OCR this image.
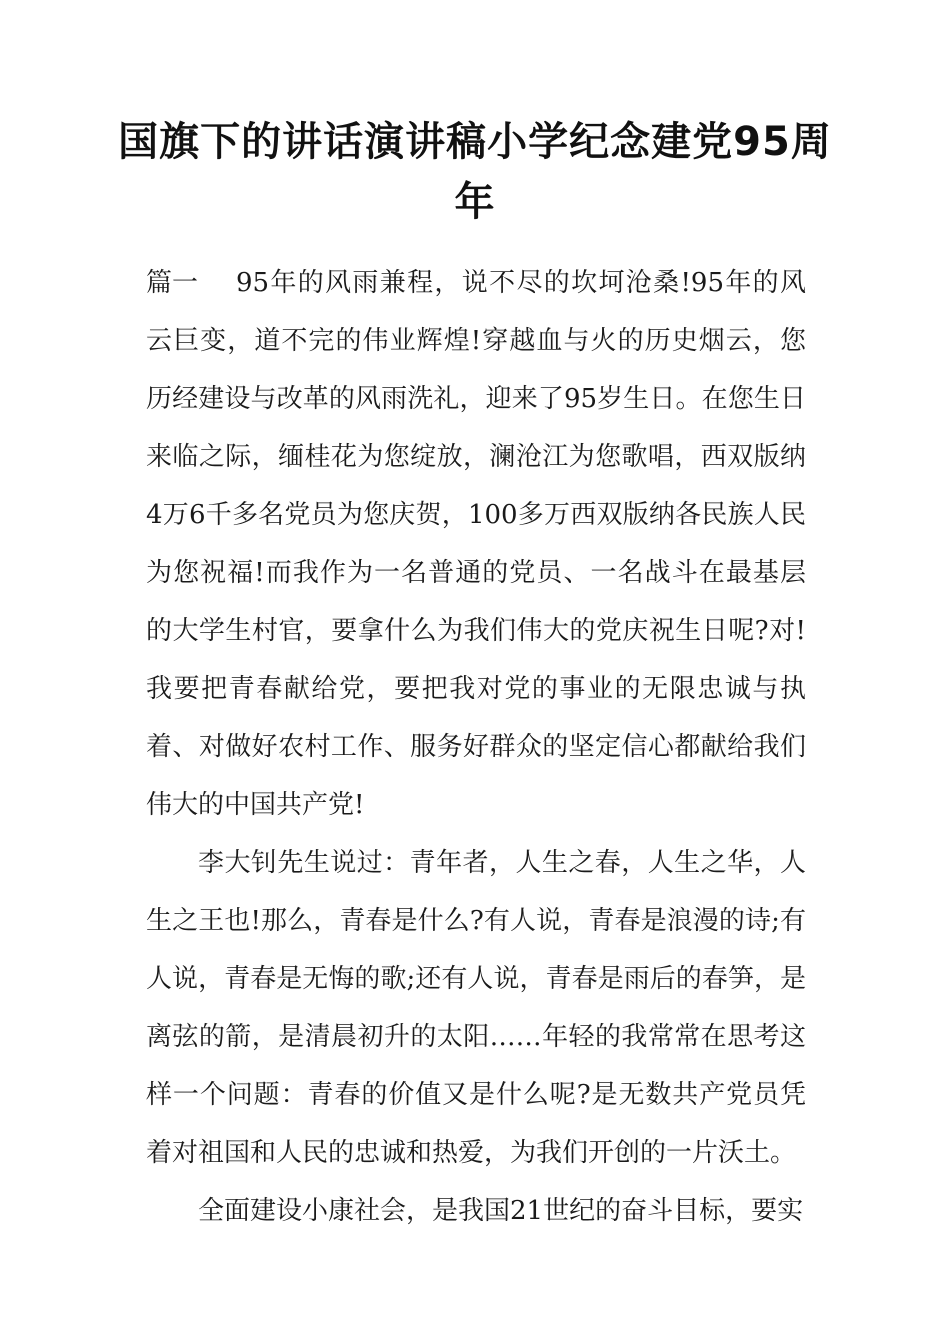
国旗下的讲话演讲稿小学纪念建党95周年

篇一 95年的风雨兼程，说不尽的坎坷沧桑!95年的风云巨变，道不完的伟业辉煌!穿越血与火的历史烟云，您历经建设与改革的风雨洗礼，迎来了95岁生日。在您生日来临之际，缅桂花为您绽放，澜沧江为您歌唱，西双版纳4万6千多名党员为您庆贺，100多万西双版纳各民族人民为您祝福!而我作为一名普通的党员、一名战斗在最基层的大学生村官，要拿什么为我们伟大的党庆祝生日呢?对!我要把青春献给党，要把我对党的事业的无限忠诚与执着、对做好农村工作、服务好群众的坚定信心都献给我们伟大的中国共产党!

李大钊先生说过：青年者，人生之春，人生之华，人生之王也!那么，青春是什么?有人说，青春是浪漫的诗;有人说，青春是无悔的歌;还有人说，青春是雨后的春笋，是离弦的箭，是清晨初升的太阳……年轻的我常常在思考这样一个问题：青春的价值又是什么呢?是无数共产党员凭着对祖国和人民的忠诚和热爱，为我们开创的一片沃土。

全面建设小康社会，是我国21世纪的奋斗目标，要实
